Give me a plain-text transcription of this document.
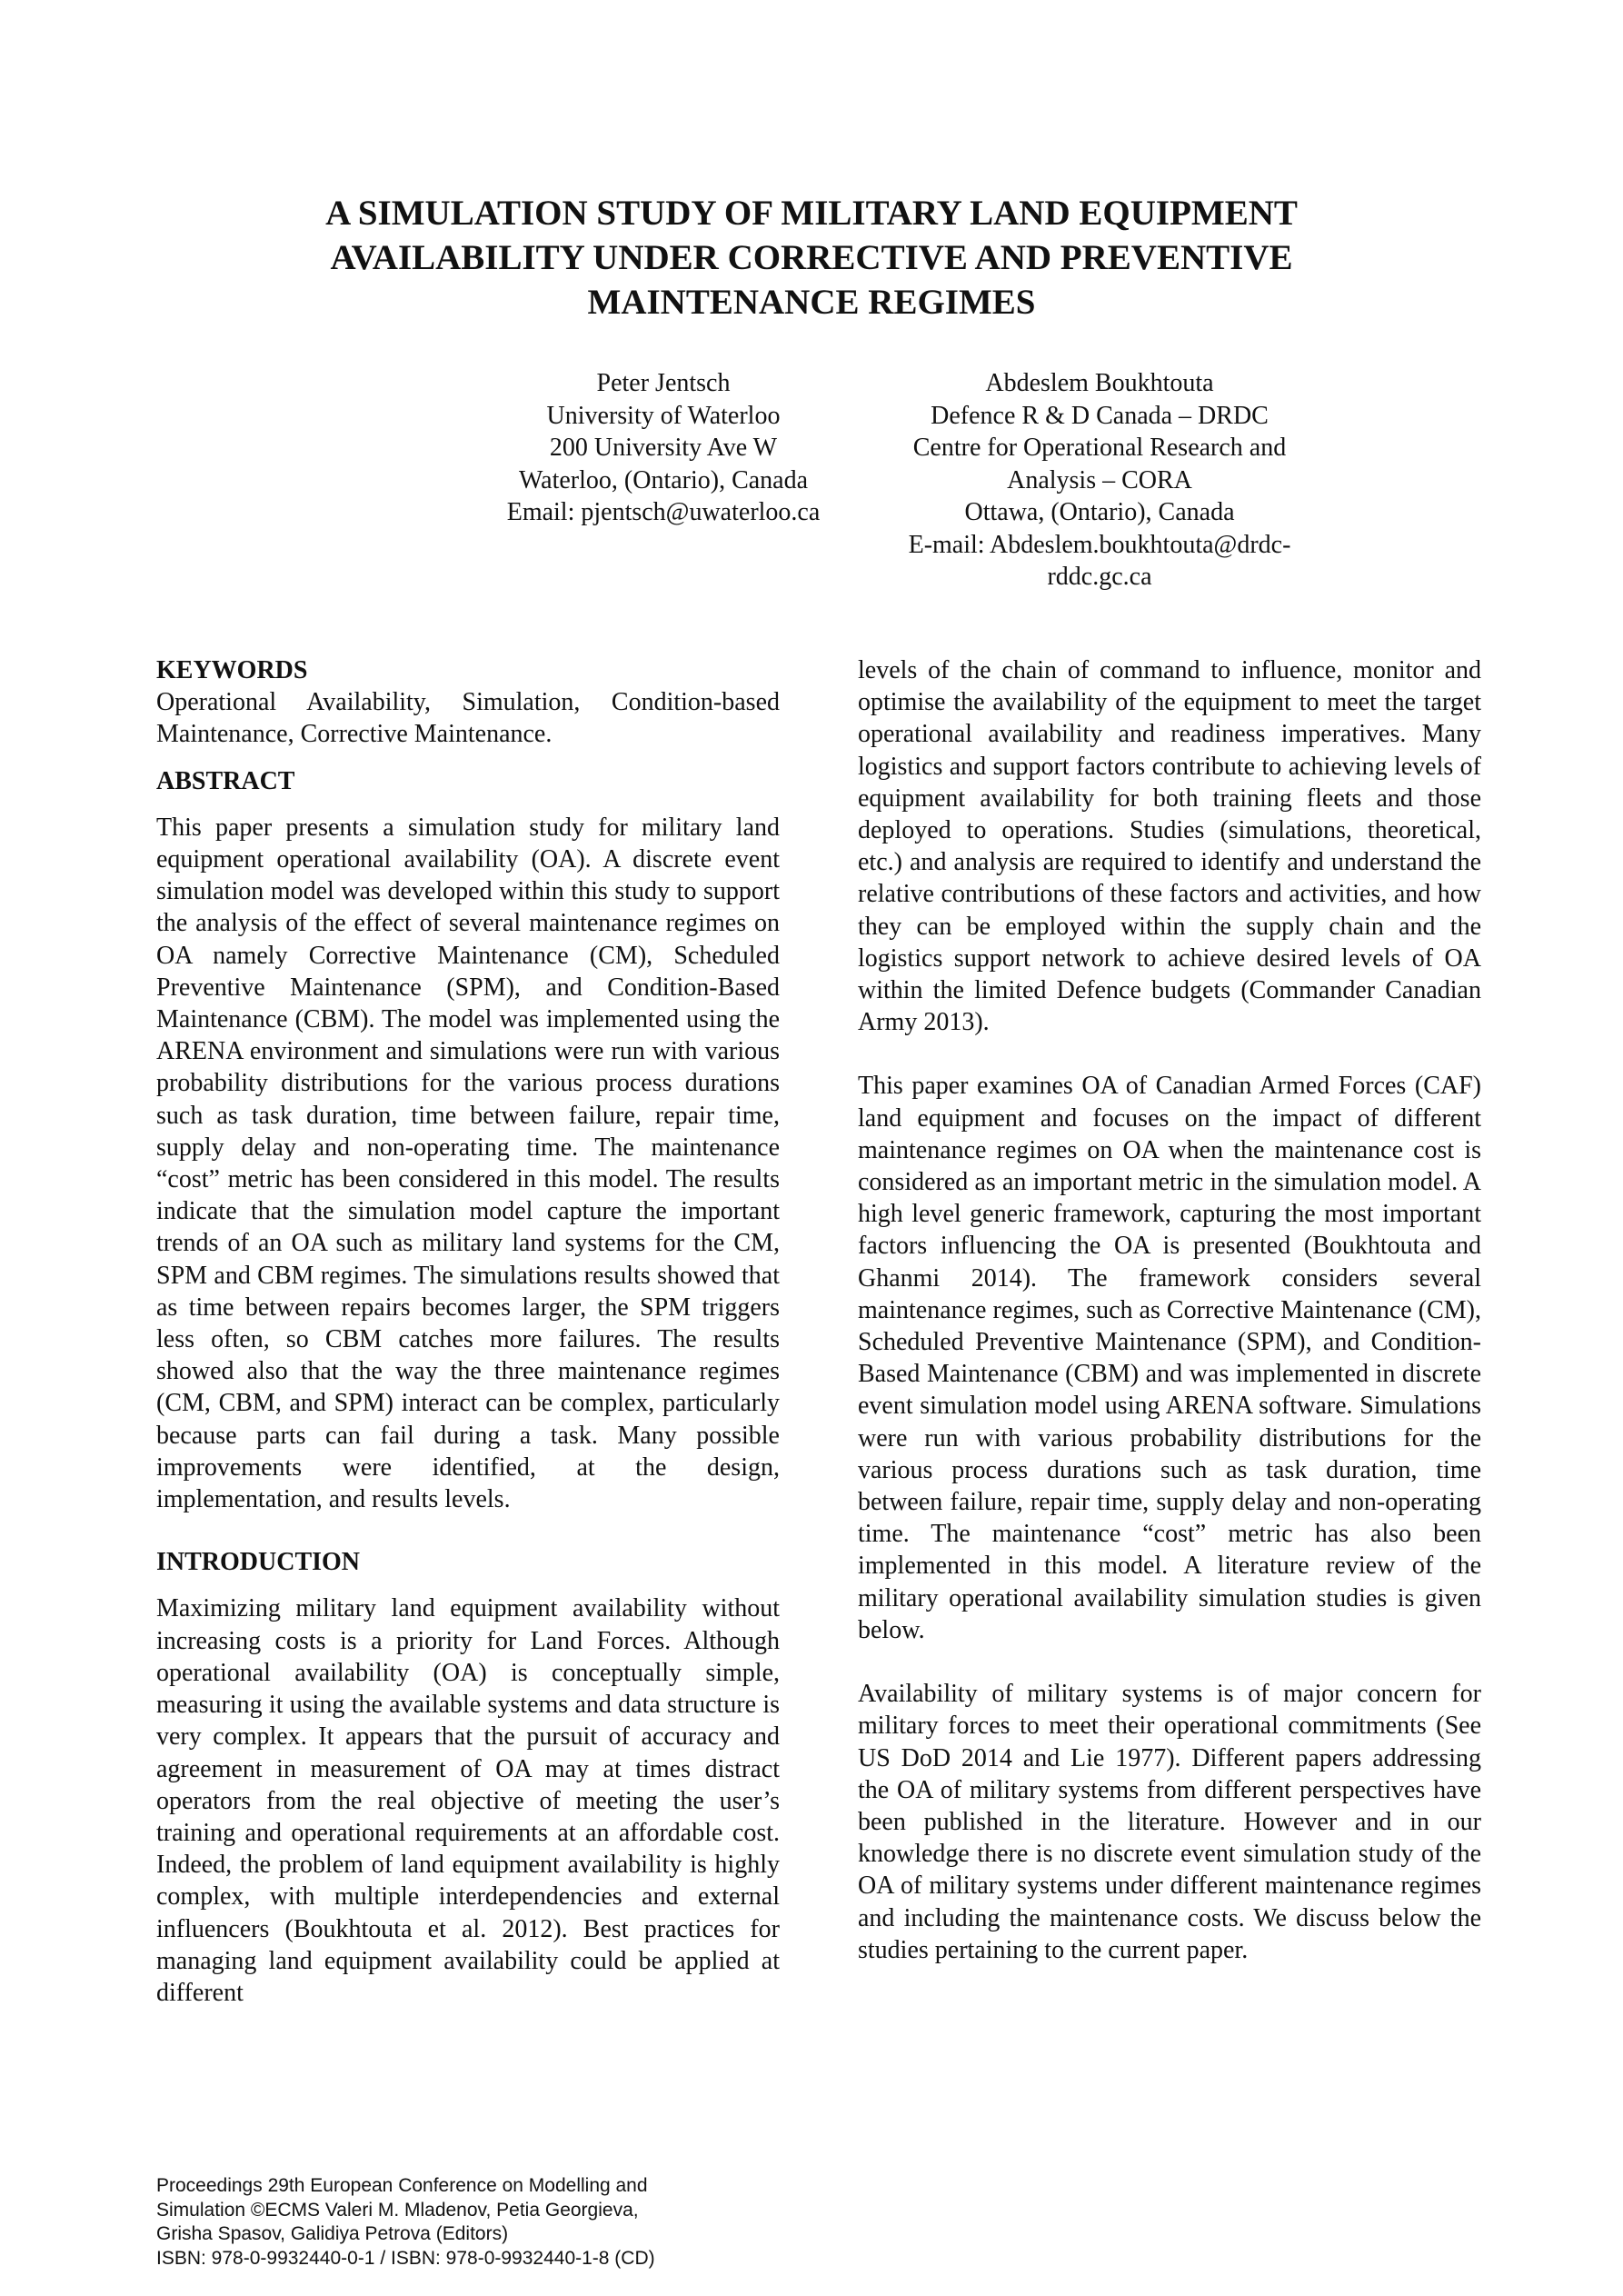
A SIMULATION STUDY OF MILITARY LAND EQUIPMENT
AVAILABILITY UNDER CORRECTIVE AND PREVENTIVE
MAINTENANCE REGIMES
Peter Jentsch
University of Waterloo
200 University Ave W
Waterloo, (Ontario), Canada
Email: pjentsch@uwaterloo.ca
Abdeslem Boukhtouta
Defence R & D Canada – DRDC
Centre for Operational Research and
Analysis – CORA
Ottawa, (Ontario), Canada
E-mail: Abdeslem.boukhtouta@drdc-
rddc.gc.ca
KEYWORDS

Operational Availability, Simulation, Condition-based Maintenance, Corrective Maintenance.

ABSTRACT

This paper presents a simulation study for military land equipment operational availability (OA). A discrete event simulation model was developed within this study to support the analysis of the effect of several maintenance regimes on OA namely Corrective Maintenance (CM), Scheduled Preventive Maintenance (SPM), and Condition-Based Maintenance (CBM). The model was implemented using the ARENA environment and simulations were run with various probability distributions for the various process durations such as task duration, time between failure, repair time, supply delay and non-operating time. The maintenance “cost” metric has been considered in this model. The results indicate that the simulation model capture the important trends of an OA such as military land systems for the CM, SPM and CBM regimes. The simulations results showed that as time between repairs becomes larger, the SPM triggers less often, so CBM catches more failures. The results showed also that the way the three maintenance regimes (CM, CBM, and SPM) interact can be complex, particularly because parts can fail during a task. Many possible improvements were identified, at the design, implementation, and results levels.

INTRODUCTION

Maximizing military land equipment availability without increasing costs is a priority for Land Forces. Although operational availability (OA) is conceptually simple, measuring it using the available systems and data structure is very complex. It appears that the pursuit of accuracy and agreement in measurement of OA may at times distract operators from the real objective of meeting the user’s training and operational requirements at an affordable cost. Indeed, the problem of land equipment availability is highly complex, with multiple interdependencies and external influencers (Boukhtouta et al. 2012). Best practices for managing land equipment availability could be applied at different

levels of the chain of command to influence, monitor and optimise the availability of the equipment to meet the target operational availability and readiness imperatives. Many logistics and support factors contribute to achieving levels of equipment availability for both training fleets and those deployed to operations. Studies (simulations, theoretical, etc.) and analysis are required to identify and understand the relative contributions of these factors and activities, and how they can be employed within the supply chain and the logistics support network to achieve desired levels of OA within the limited Defence budgets (Commander Canadian Army 2013).

This paper examines OA of Canadian Armed Forces (CAF) land equipment and focuses on the impact of different maintenance regimes on OA when the maintenance cost is considered as an important metric in the simulation model. A high level generic framework, capturing the most important factors influencing the OA is presented (Boukhtouta and Ghanmi 2014). The framework considers several maintenance regimes, such as Corrective Maintenance (CM), Scheduled Preventive Maintenance (SPM), and Condition-Based Maintenance (CBM) and was implemented in discrete event simulation model using ARENA software. Simulations were run with various probability distributions for the various process durations such as task duration, time between failure, repair time, supply delay and non-operating time. The maintenance “cost” metric has also been implemented in this model. A literature review of the military operational availability simulation studies is given below.

Availability of military systems is of major concern for military forces to meet their operational commitments (See US DoD 2014 and Lie 1977). Different papers addressing the OA of military systems from different perspectives have been published in the literature. However and in our knowledge there is no discrete event simulation study of the OA of military systems under different maintenance regimes and including the maintenance costs. We discuss below the studies pertaining to the current paper.

Proceedings 29th European Conference on Modelling and
Simulation ©ECMS Valeri M. Mladenov, Petia Georgieva,
Grisha Spasov, Galidiya Petrova (Editors)
ISBN: 978-0-9932440-0-1 / ISBN: 978-0-9932440-1-8 (CD)
